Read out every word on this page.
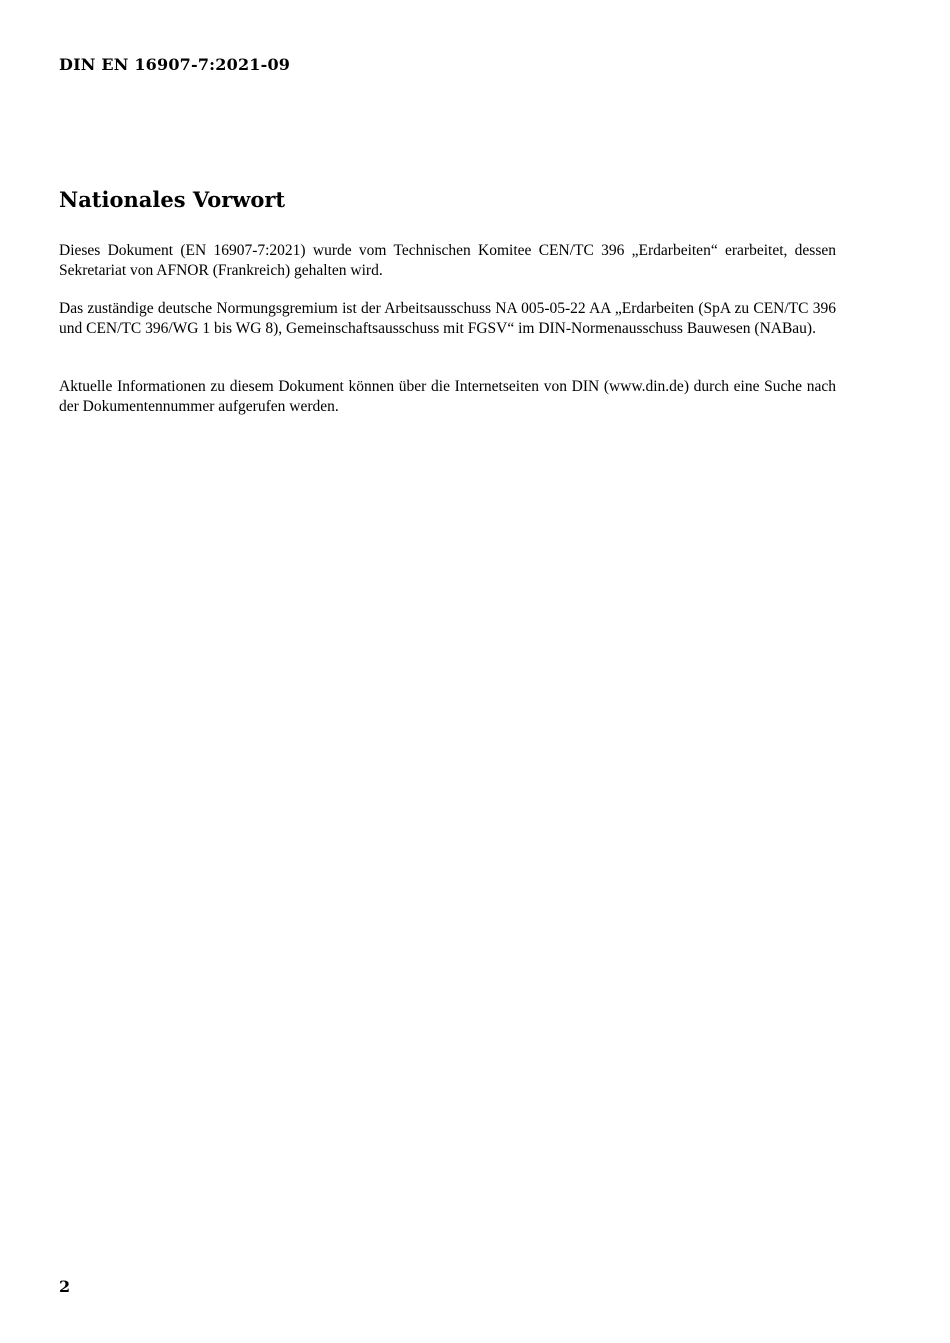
DIN EN 16907-7:2021-09
Nationales Vorwort

Dieses Dokument (EN 16907-7:2021) wurde vom Technischen Komitee CEN/TC 396 „Erdarbeiten“ erarbeitet, dessen Sekretariat von AFNOR (Frankreich) gehalten wird.

Das zuständige deutsche Normungsgremium ist der Arbeitsausschuss NA 005-05-22 AA „Erdarbeiten (SpA zu CEN/TC 396 und CEN/TC 396/WG 1 bis WG 8), Gemeinschaftsausschuss mit FGSV“ im DIN-Normenausschuss Bauwesen (NABau).

Aktuelle Informationen zu diesem Dokument können über die Internetseiten von DIN (www.din.de) durch eine Suche nach der Dokumentennummer aufgerufen werden.

2
